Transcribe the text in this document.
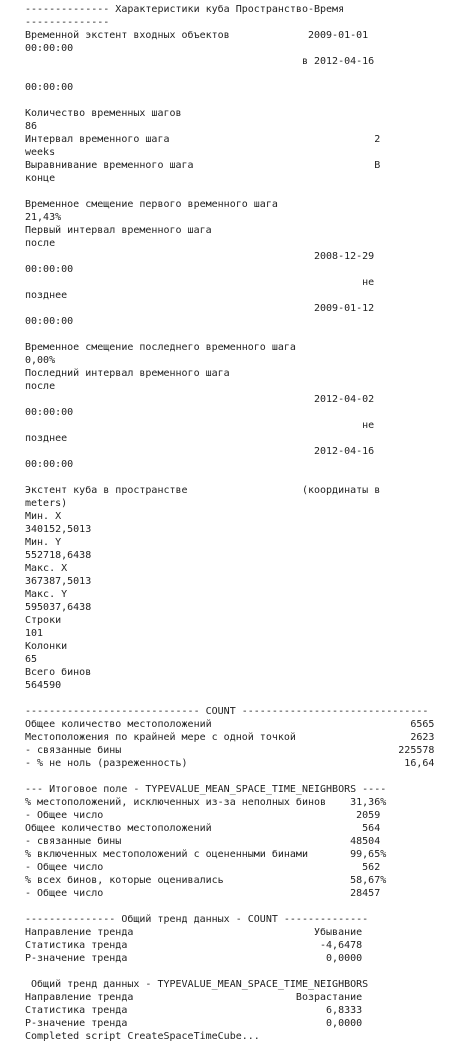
-------------- Характеристики куба Пространство-Время
--------------
Временной экстент входных объектов             2009-01-01
00:00:00
в 2012-04-16
00:00:00
Количество временных шагов
86
Интервал временного шага                                  2
weeks
Выравнивание временного шага                              В
конце
Временное смещение первого временного шага
21,43%
Первый интервал временного шага
после
2008-12-29
00:00:00
не
позднее
2009-01-12
00:00:00
Временное смещение последнего временного шага
0,00%
Последний интервал временного шага
после
2012-04-02
00:00:00
не
позднее
2012-04-16
00:00:00
Экстент куба в пространстве                   (координаты в
meters)
Мин. X
340152,5013
Мин. Y
552718,6438
Макс. X
367387,5013
Макс. Y
595037,6438
Строки
101
Колонки
65
Всего бинов
564590
----------------------------- COUNT -------------------------------
Общее количество местоположений                                 6565
Местоположения по крайней мере с одной точкой                   2623
- связанные бины                                              225578
- % не ноль (разреженность)                                    16,64
--- Итоговое поле - TYPEVALUE_MEAN_SPACE_TIME_NEIGHBORS ----
% местоположений, исключенных из-за неполных бинов    31,36%
- Общее число                                          2059
Общее количество местоположений                         564
- связанные бины                                      48504
% включенных местоположений с оцененными бинами       99,65%
- Общее число                                           562
% всех бинов, которые оценивались                     58,67%
- Общее число                                         28457
--------------- Общий тренд данных - COUNT --------------
Направление тренда                              Убывание
Статистика тренда                                -4,6478
P-значение тренда                                 0,0000
Общий тренд данных - TYPEVALUE_MEAN_SPACE_TIME_NEIGHBORS
Направление тренда                           Возрастание
Статистика тренда                                 6,8333
P-значение тренда                                 0,0000
Completed script CreateSpaceTimeCube...
